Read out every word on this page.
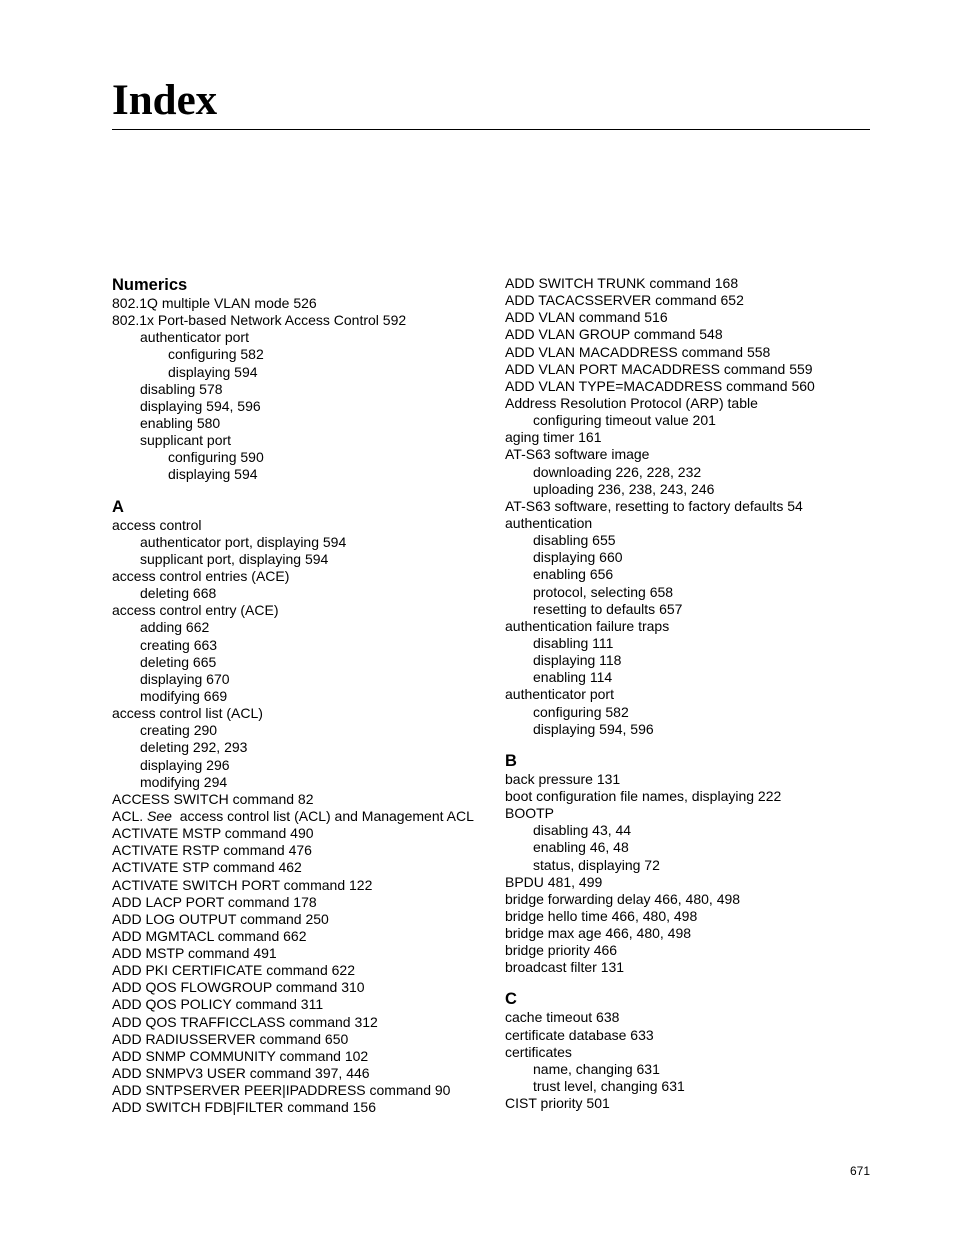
Index
Numerics
802.1Q multiple VLAN mode 526
802.1x Port-based Network Access Control 592
authenticator port
configuring 582
displaying 594
disabling 578
displaying 594, 596
enabling 580
supplicant port
configuring 590
displaying 594
A
access control
authenticator port, displaying 594
supplicant port, displaying 594
access control entries (ACE)
deleting 668
access control entry (ACE)
adding 662
creating 663
deleting 665
displaying 670
modifying 669
access control list (ACL)
creating 290
deleting 292, 293
displaying 296
modifying 294
ACCESS SWITCH command 82
ACL. See  access control list (ACL) and Management ACL
ACTIVATE MSTP command 490
ACTIVATE RSTP command 476
ACTIVATE STP command 462
ACTIVATE SWITCH PORT command 122
ADD LACP PORT command 178
ADD LOG OUTPUT command 250
ADD MGMTACL command 662
ADD MSTP command 491
ADD PKI CERTIFICATE command 622
ADD QOS FLOWGROUP command 310
ADD QOS POLICY command 311
ADD QOS TRAFFICCLASS command 312
ADD RADIUSSERVER command 650
ADD SNMP COMMUNITY command 102
ADD SNMPV3 USER command 397, 446
ADD SNTPSERVER PEER|IPADDRESS command 90
ADD SWITCH FDB|FILTER command 156
ADD SWITCH TRUNK command 168
ADD TACACSSERVER command 652
ADD VLAN command 516
ADD VLAN GROUP command 548
ADD VLAN MACADDRESS command 558
ADD VLAN PORT MACADDRESS command 559
ADD VLAN TYPE=MACADDRESS command 560
Address Resolution Protocol (ARP) table
configuring timeout value 201
aging timer 161
AT-S63 software image
downloading 226, 228, 232
uploading 236, 238, 243, 246
AT-S63 software, resetting to factory defaults 54
authentication
disabling 655
displaying 660
enabling 656
protocol, selecting 658
resetting to defaults 657
authentication failure traps
disabling 111
displaying 118
enabling 114
authenticator port
configuring 582
displaying 594, 596
B
back pressure 131
boot configuration file names, displaying 222
BOOTP
disabling 43, 44
enabling 46, 48
status, displaying 72
BPDU 481, 499
bridge forwarding delay 466, 480, 498
bridge hello time 466, 480, 498
bridge max age 466, 480, 498
bridge priority 466
broadcast filter 131
C
cache timeout 638
certificate database 633
certificates
name, changing 631
trust level, changing 631
CIST priority 501
671
